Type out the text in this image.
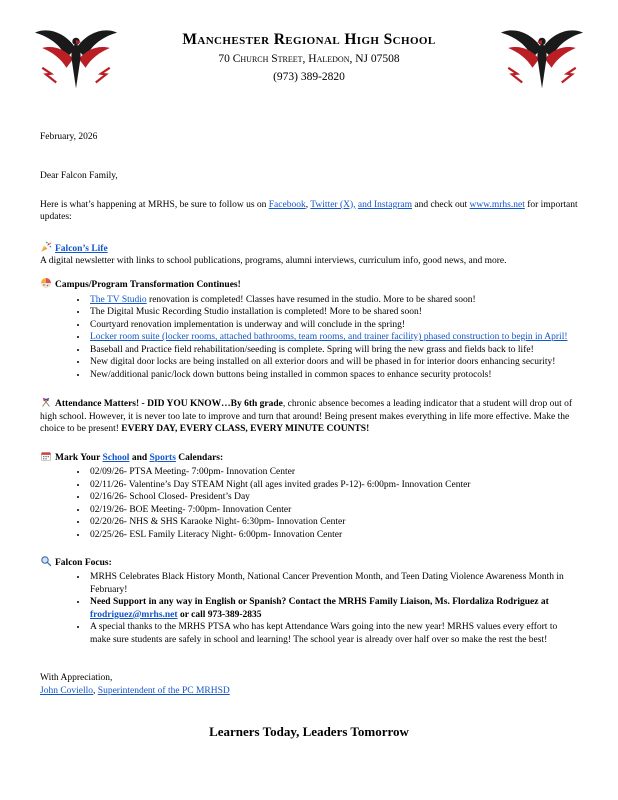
Manchester Regional High School
70 Church Street, Haledon, NJ 07508
(973) 389-2820

February, 2026

Dear Falcon Family,

Here is what’s happening at MRHS, be sure to follow us on Facebook, Twitter (X), and Instagram and check out www.mrhs.net for important updates:

Falcon’s Life

A digital newsletter with links to school publications, programs, alumni interviews, curriculum info, good news, and more.

Campus/Program Transformation Continues!

• The TV Studio renovation is completed! Classes have resumed in the studio. More to be shared soon!
• The Digital Music Recording Studio installation is completed! More to be shared soon!
• Courtyard renovation implementation is underway and will conclude in the spring!
• Locker room suite (locker rooms, attached bathrooms, team rooms, and trainer facility) phased construction to begin in April!
• Baseball and Practice field rehabilitation/seeding is complete. Spring will bring the new grass and fields back to life!
• New digital door locks are being installed on all exterior doors and will be phased in for interior doors enhancing security!
• New/additional panic/lock down buttons being installed in common spaces to enhance security protocols!

Attendance Matters! - DID YOU KNOW…By 6th grade, chronic absence becomes a leading indicator that a student will drop out of high school. However, it is never too late to improve and turn that around! Being present makes everything in life more effective. Make the choice to be present! EVERY DAY, EVERY CLASS, EVERY MINUTE COUNTS!

Mark Your School and Sports Calendars:

• 02/09/26- PTSA Meeting- 7:00pm- Innovation Center
• 02/11/26- Valentine’s Day STEAM Night (all ages invited grades P-12)- 6:00pm- Innovation Center
• 02/16/26- School Closed- President’s Day
• 02/19/26- BOE Meeting- 7:00pm- Innovation Center
• 02/20/26- NHS & SHS Karaoke Night- 6:30pm- Innovation Center
• 02/25/26- ESL Family Literacy Night- 6:00pm- Innovation Center

Falcon Focus:

• MRHS Celebrates Black History Month, National Cancer Prevention Month, and Teen Dating Violence Awareness Month in February!
• Need Support in any way in English or Spanish? Contact the MRHS Family Liaison, Ms. Flordaliza Rodriguez at frodriguez@mrhs.net or call 973-389-2835
• A special thanks to the MRHS PTSA who has kept Attendance Wars going into the new year! MRHS values every effort to make sure students are safely in school and learning! The school year is already over half over so make the rest the best!

With Appreciation,

John Coviello, Superintendent of the PC MRHSD

Learners Today, Leaders Tomorrow
